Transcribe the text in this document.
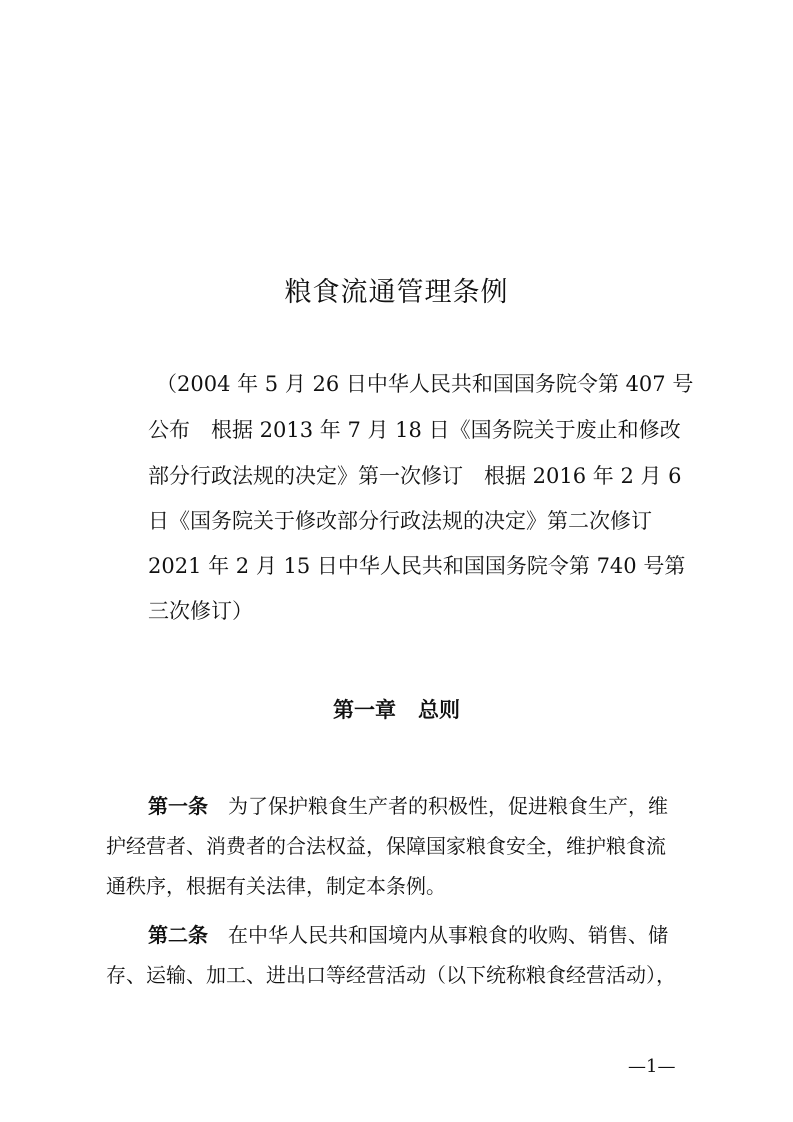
粮食流通管理条例
（2004 年 5 月 26 日中华人民共和国国务院令第 407 号
公布　根据 2013 年 7 月 18 日《国务院关于废止和修改
部分行政法规的决定》第一次修订　根据 2016 年 2 月 6
日《国务院关于修改部分行政法规的决定》第二次修订
2021 年 2 月 15 日中华人民共和国国务院令第 740 号第
三次修订）
第一章 总则
第一条 为了保护粮食生产者的积极性，促进粮食生产，维
护经营者、消费者的合法权益，保障国家粮食安全，维护粮食流
通秩序，根据有关法律，制定本条例。
第二条 在中华人民共和国境内从事粮食的收购、销售、储
存、运输、加工、进出口等经营活动（以下统称粮食经营活动），
—1—
